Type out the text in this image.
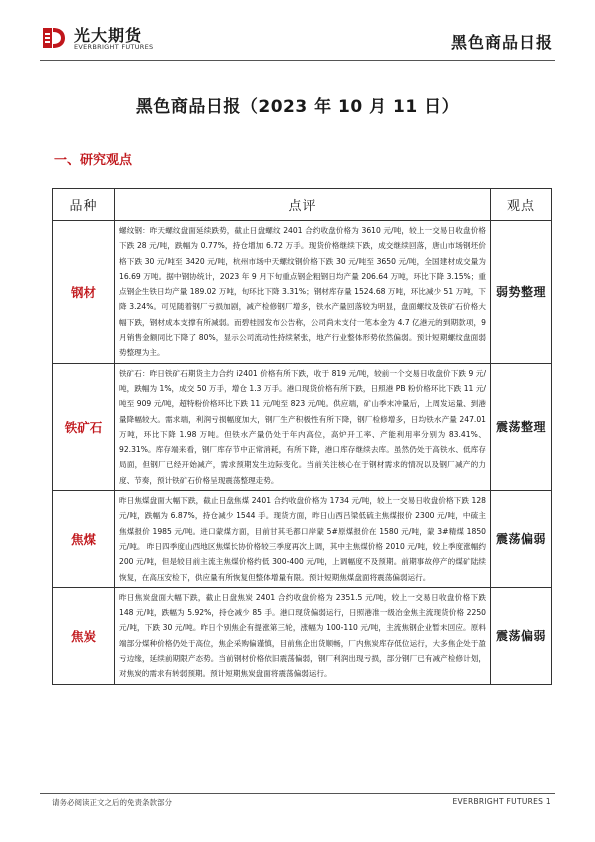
光大期货
EVERBRIGHT FUTURES	黑色商品日报
黑色商品日报（2023 年 10 月 11 日）
一、研究观点
品种	点评	观点
钢材	螺纹钢：昨天螺纹盘面延续跌势，截止日盘螺纹 2401 合约收盘价格为 3610 元/吨，较上一交易日收盘价格下跌 28 元/吨，跌幅为 0.77%，持仓增加 6.72 万手。现货价格继续下跌，成交继续回落，唐山市场钢坯价格下跌 30 元/吨至 3420 元/吨，杭州市场中天螺纹钢价格下跌 30 元/吨至 3650 元/吨，全国建材成交量为 16.69 万吨。据中钢协统计，2023 年 9 月下旬重点钢企粗钢日均产量 206.64 万吨，环比下降 3.15%；重点钢企生铁日均产量 189.02 万吨，旬环比下降 3.31%；钢材库存量 1524.68 万吨，环比减少 51 万吨，下降 3.24%。可见随着钢厂亏损加剧，减产检修钢厂增多，铁水产量回落较为明显，盘面螺纹及铁矿石价格大幅下跌，钢材成本支撑有所减弱。而碧桂园发布公告称，公司尚未支付一笔本金为 4.7 亿港元的到期款项，9 月销售金额同比下降了 80%，显示公司流动性持续紧张，地产行业整体形势依然偏弱。预计短期螺纹盘面弱势整理为主。	弱势整理
铁矿石	铁矿石：昨日铁矿石期货主力合约 i2401 价格有所下跌，收于 819 元/吨，较前一个交易日收盘价下跌 9 元/吨，跌幅为 1%，成交 50 万手，增仓 1.3 万手。港口现货价格有所下跌，日照港 PB 粉价格环比下跌 11 元/吨至 909 元/吨，超特粉价格环比下跌 11 元/吨至 823 元/吨。供应端，矿山季末冲量后，上周发运量、到港量降幅较大。需求端，利润亏损幅度加大，钢厂生产积极性有所下降，钢厂检修增多，日均铁水产量 247.01 万吨，环比下降 1.98 万吨。但铁水产量仍处于年内高位，高炉开工率、产能利用率分别为 83.41%、92.31%。库存端来看，钢厂库存节中正常消耗，有所下降，港口库存继续去库。虽然仍处于高铁水、低库存局面，但钢厂已经开始减产，需求预期发生边际变化。当前关注核心在于钢材需求的情况以及钢厂减产的力度、节奏，预计铁矿石价格呈现震荡整理走势。	震荡整理
焦煤	昨日焦煤盘面大幅下跌，截止日盘焦煤 2401 合约收盘价格为 1734 元/吨，较上一交易日收盘价格下跌 128 元/吨，跌幅为 6.87%，持仓减少 1544 手。现货方面，昨日山西吕梁低硫主焦煤报价 2300 元/吨，中硫主焦煤报价 1985 元/吨。进口蒙煤方面，目前甘其毛都口岸蒙 5#原煤报价在 1580 元/吨，蒙 3#精煤 1850 元/吨。 昨日四季度山西地区焦煤长协价格较三季度再次上调，其中主焦煤价格 2010 元/吨，较上季度涨幅约 200 元/吨，但是较目前主流主焦煤价格约低 300-400 元/吨，上调幅度不及预期。前期事故停产的煤矿陆续恢复，在高压安检下，供应量有所恢复但整体增量有限。预计短期焦煤盘面将震荡偏弱运行。	震荡偏弱
焦炭	昨日焦炭盘面大幅下跌，截止日盘焦炭 2401 合约收盘价格为 2351.5 元/吨，较上一交易日收盘价格下跌 148 元/吨，跌幅为 5.92%，持仓减少 85 手。港口现货偏弱运行，日照港准一级冶金焦主流现货价格 2250 元/吨，下跌 30 元/吨。昨日个别焦企有提涨第三轮，涨幅为 100-110 元/吨，主流焦钢企业暂未回应。原料端部分煤种价格仍处于高位，焦企采购偏谨慎，目前焦企出货顺畅，厂内焦炭库存低位运行，大多焦企处于盈亏边缘，延续前期限产态势。当前钢材价格依旧震荡偏弱，钢厂利润出现亏损，部分钢厂已有减产检修计划，对焦炭的需求有转弱预期。预计短期焦炭盘面将震荡偏弱运行。	震荡偏弱
请务必阅读正文之后的免责条款部分	EVERBRIGHT FUTURES 1
